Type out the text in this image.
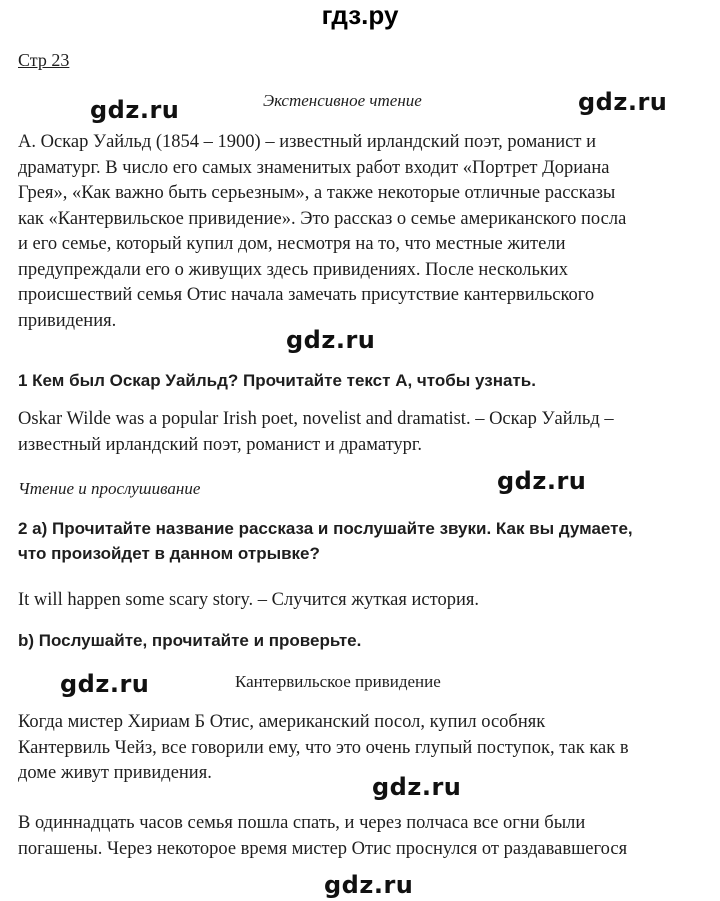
гдз.ру
Стр 23
gdz.ru	Экстенсивное чтение	gdz.ru
А. Оскар Уайльд (1854 – 1900) – известный ирландский поэт, романист и
драматург. В число его самых знаменитых работ входит «Портрет Дориана
Грея», «Как важно быть серьезным», а также некоторые отличные рассказы
как «Кантервильское привидение». Это рассказ о семье американского посла
и его семье, который купил дом, несмотря на то, что местные жители
предупреждали его о живущих здесь привидениях. После нескольких
происшествий семья Отис начала замечать присутствие кантервильского
привидения.
gdz.ru
1 Кем был Оскар Уайльд? Прочитайте текст А, чтобы узнать.
Oskar Wilde was a popular Irish poet, novelist and dramatist. – Оскар Уайльд –
известный ирландский поэт, романист и драматург.
Чтение и прослушивание	gdz.ru
2 а) Прочитайте название рассказа и послушайте звуки. Как вы думаете,
что произойдет в данном отрывке?
It will happen some scary story. – Случится жуткая история.
b) Послушайте, прочитайте и проверьте.
gdz.ru	Кантервильское привидение
Когда мистер Хириам Б Отис, американский посол, купил особняк
Кантервиль Чейз, все говорили ему, что это очень глупый поступок, так как в
доме живут привидения.	gdz.ru
В одиннадцать часов семья пошла спать, и через полчаса все огни были
погашены. Через некоторое время мистер Отис проснулся от раздававшегося
gdz.ru
